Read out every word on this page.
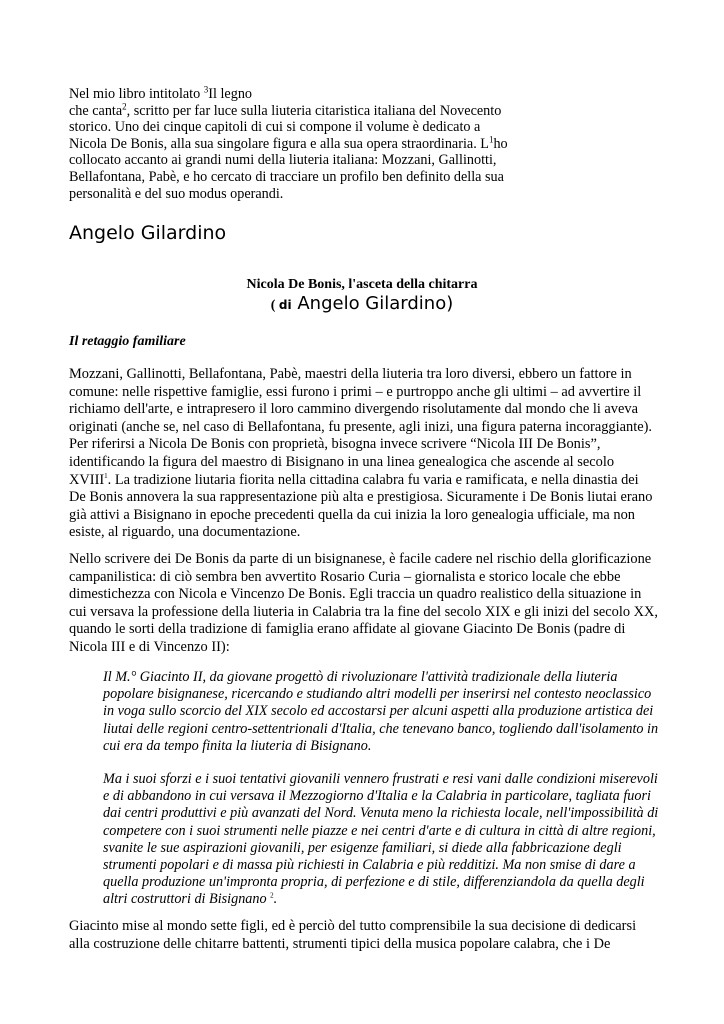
Nel mio libro intitolato $^3$Il legno
che canta$^2$, scritto per far luce sulla liuteria citaristica italiana del Novecento storico. Uno dei cinque capitoli di cui si compone il volume è dedicato a Nicola De Bonis, alla sua singolare figura e alla sua opera straordinaria. $L^1ho$ collocato accanto ai grandi numi della liuteria italiana: Mozzani, Gallinotti, Bellafontana, Pabè, e ho cercato di tracciare un profilo ben definito della sua personalità e del suo modus operandi.

Angelo Gilardino
Nicola De Bonis, l'asceta della chitarra
( di Angelo Gilardino)
Il retaggio familiare

Mozzani, Gallinotti, Bellafontana, Pabè, maestri della liuteria tra loro diversi, ebbero un fattore in comune: nelle rispettive famiglie, essi furono i primi – e purtroppo anche gli ultimi – ad avvertire il richiamo dell'arte, e intrapresero il loro cammino divergendo risolutamente dal mondo che li aveva originati (anche se, nel caso di Bellafontana, fu presente, agli inizi, una figura paterna incoraggiante). Per riferirsi a Nicola De Bonis con proprietà, bisogna invece scrivere “Nicola III De Bonis”, identificando la figura del maestro di Bisignano in una linea genealogica che ascende al secolo XVIII$^1$. La tradizione liutaria fiorita nella cittadina calabra fu varia e ramificata, e nella dinastia dei De Bonis annovera la sua rappresentazione più alta e prestigiosa. Sicuramente i De Bonis liutai erano già attivi a Bisignano in epoche precedenti quella da cui inizia la loro genealogia ufficiale, ma non esiste, al riguardo, una documentazione.

Nello scrivere dei De Bonis da parte di un bisignanese, è facile cadere nel rischio della glorificazione campanilistica: di ciò sembra ben avvertito Rosario Curia – giornalista e storico locale che ebbe dimestichezza con Nicola e Vincenzo De Bonis. Egli traccia un quadro realistico della situazione in cui versava la professione della liuteria in Calabria tra la fine del secolo XIX e gli inizi del secolo XX, quando le sorti della tradizione di famiglia erano affidate al giovane Giacinto De Bonis (padre di Nicola III e di Vincenzo II):

Il M.° Giacinto II, da giovane progettò di rivoluzionare l'attività tradizionale della liuteria popolare bisignanese, ricercando e studiando altri modelli per inserirsi nel contesto neoclassico in voga sullo scorcio del XIX secolo ed accostarsi per alcuni aspetti alla produzione artistica dei liutai delle regioni centro-settentrionali d'Italia, che tenevano banco, togliendo dall'isolamento in cui era da tempo finita la liuteria di Bisignano.

Ma i suoi sforzi e i suoi tentativi giovanili vennero frustrati e resi vani dalle condizioni miserevoli e di abbandono in cui versava il Mezzogiorno d'Italia e la Calabria in particolare, tagliata fuori dai centri produttivi e più avanzati del Nord. Venuta meno la richiesta locale, nell'impossibilità di competere con i suoi strumenti nelle piazze e nei centri d'arte e di cultura in città di altre regioni, svanite le sue aspirazioni giovanili, per esigenze familiari, si diede alla fabbricazione degli strumenti popolari e di massa più richiesti in Calabria e più redditizi. Ma non smise di dare a quella produzione un'impronta propria, di perfezione e di stile, differenziandola da quella degli altri costruttori di Bisignano $^2$.

Giacinto mise al mondo sette figli, ed è perciò del tutto comprensibile la sua decisione di dedicarsi alla costruzione delle chitarre battenti, strumenti tipici della musica popolare calabra, che i De
